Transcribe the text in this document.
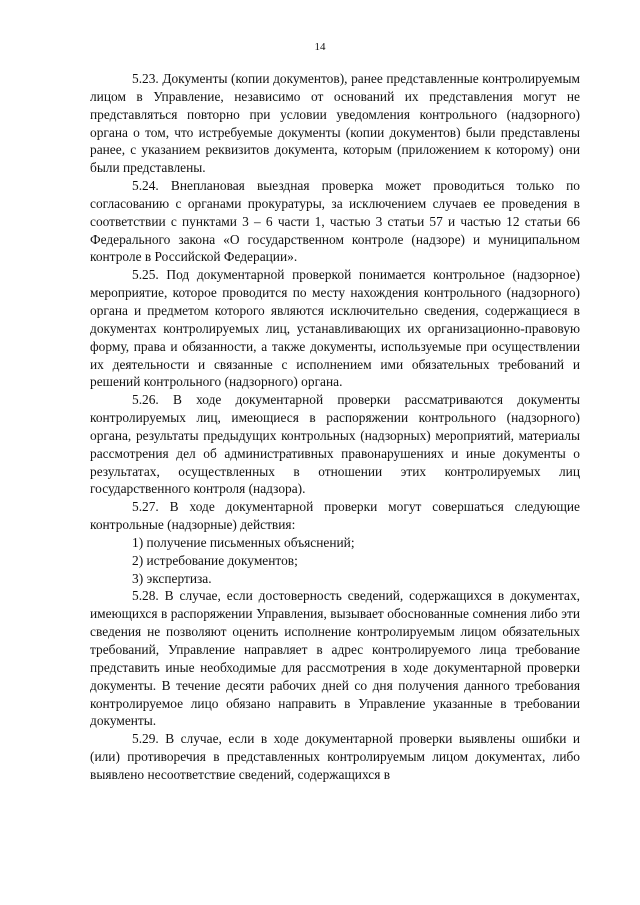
14

5.23. Документы (копии документов), ранее представленные контролируемым лицом в Управление, независимо от оснований их представления могут не представляться повторно при условии уведомления контрольного (надзорного) органа о том, что истребуемые документы (копии документов) были представлены ранее, с указанием реквизитов документа, которым (приложением к которому) они были представлены.

5.24. Внеплановая выездная проверка может проводиться только по согласованию с органами прокуратуры, за исключением случаев ее проведения в соответствии с пунктами 3 – 6 части 1, частью 3 статьи 57 и частью 12 статьи 66 Федерального закона «О государственном контроле (надзоре) и муниципальном контроле в Российской Федерации».

5.25. Под документарной проверкой понимается контрольное (надзорное) мероприятие, которое проводится по месту нахождения контрольного (надзорного) органа и предметом которого являются исключительно сведения, содержащиеся в документах контролируемых лиц, устанавливающих их организационно-правовую форму, права и обязанности, а также документы, используемые при осуществлении их деятельности и связанные с исполнением ими обязательных требований и решений контрольного (надзорного) органа.

5.26. В ходе документарной проверки рассматриваются документы контролируемых лиц, имеющиеся в распоряжении контрольного (надзорного) органа, результаты предыдущих контрольных (надзорных) мероприятий, материалы рассмотрения дел об административных правонарушениях и иные документы о результатах, осуществленных в отношении этих контролируемых лиц государственного контроля (надзора).

5.27. В ходе документарной проверки могут совершаться следующие контрольные (надзорные) действия:

1) получение письменных объяснений;

2) истребование документов;

3) экспертиза.

5.28. В случае, если достоверность сведений, содержащихся в документах, имеющихся в распоряжении Управления, вызывает обоснованные сомнения либо эти сведения не позволяют оценить исполнение контролируемым лицом обязательных требований, Управление направляет в адрес контролируемого лица требование представить иные необходимые для рассмотрения в ходе документарной проверки документы. В течение десяти рабочих дней со дня получения данного требования контролируемое лицо обязано направить в Управление указанные в требовании документы.

5.29. В случае, если в ходе документарной проверки выявлены ошибки и (или) противоречия в представленных контролируемым лицом документах, либо выявлено несоответствие сведений, содержащихся в
